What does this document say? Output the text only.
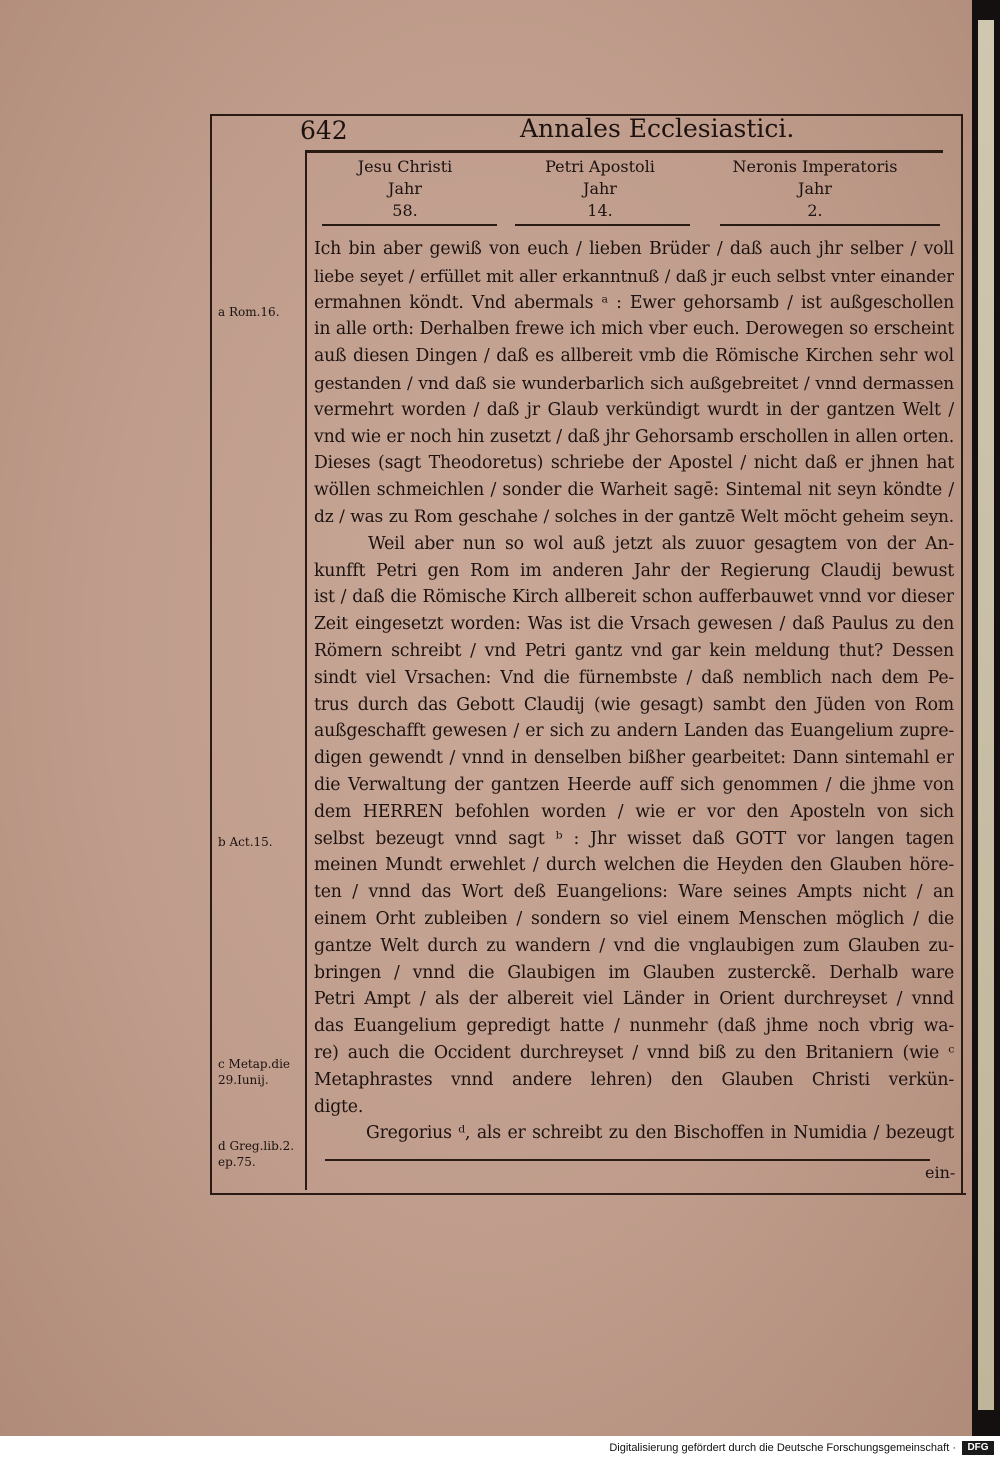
642	Annales Ecclesiastici.
Jesu Christi
Jahr

58.
Petri Apostoli
Jahr

14.
Neronis Imperatoris
Jahr

2.
Ich bin aber gewiß von euch / lieben Brüder / daß auch jhr selber / voll
liebe seyet / erfüllet mit aller erkanntnuß / daß jr euch selbst vnter einander
ermahnen köndt. Vnd abermals ᵃ : Ewer gehorsamb / ist außgeschollen
in alle orth: Derhalben frewe ich mich vber euch. Derowegen so erscheint
auß diesen Dingen / daß es allbereit vmb die Römische Kirchen sehr wol
gestanden / vnd daß sie wunderbarlich sich außgebreitet / vnnd dermassen
vermehrt worden / daß jr Glaub verkündigt wurdt in der gantzen Welt /
vnd wie er noch hin zusetzt / daß jhr Gehorsamb erschollen in allen orten.
Dieses (sagt Theodoretus) schriebe der Apostel / nicht daß er jhnen hat
wöllen schmeichlen / sonder die Warheit sagē: Sintemal nit seyn köndte /
dz / was zu Rom geschahe / solches in der gantzē Welt möcht geheim seyn.
Weil aber nun so wol auß jetzt als zuuor gesagtem von der An-
kunfft Petri gen Rom im anderen Jahr der Regierung Claudij bewust
ist / daß die Römische Kirch allbereit schon aufferbauwet vnnd vor dieser
Zeit eingesetzt worden: Was ist die Vrsach gewesen / daß Paulus zu den
Römern schreibt / vnd Petri gantz vnd gar kein meldung thut? Dessen
sindt viel Vrsachen: Vnd die fürnembste / daß nemblich nach dem Pe-
trus durch das Gebott Claudij (wie gesagt) sambt den Jüden von Rom
außgeschafft gewesen / er sich zu andern Landen das Euangelium zupre-
digen gewendt / vnnd in denselben bißher gearbeitet: Dann sintemahl er
die Verwaltung der gantzen Heerde auff sich genommen / die jhme von
dem HERREN befohlen worden / wie er vor den Aposteln von sich
selbst bezeugt vnnd sagt ᵇ : Jhr wisset daß GOTT vor langen tagen
meinen Mundt erwehlet / durch welchen die Heyden den Glauben höre-
ten / vnnd das Wort deß Euangelions: Ware seines Ampts nicht / an
einem Orht zubleiben / sondern so viel einem Menschen möglich / die
gantze Welt durch zu wandern / vnd die vnglaubigen zum Glauben zu-
bringen / vnnd die Glaubigen im Glauben zusterckẽ. Derhalb ware
Petri Ampt / als der albereit viel Länder in Orient durchreyset / vnnd
das Euangelium gepredigt hatte / nunmehr (daß jhme noch vbrig wa-
re) auch die Occident durchreyset / vnnd biß zu den Britaniern (wie ᶜ
Metaphrastes vnnd andere lehren) den Glauben Christi verkün-
digte.
Gregorius ᵈ, als er schreibt zu den Bischoffen in Numidia / bezeugt
a Rom.16.
b Act.15.
c Metap.die 29.Iunij.
d Greg.lib.2. ep.75.
ein-
Digitalisierung gefördert durch die Deutsche Forschungsgemeinschaft ·	DFG
